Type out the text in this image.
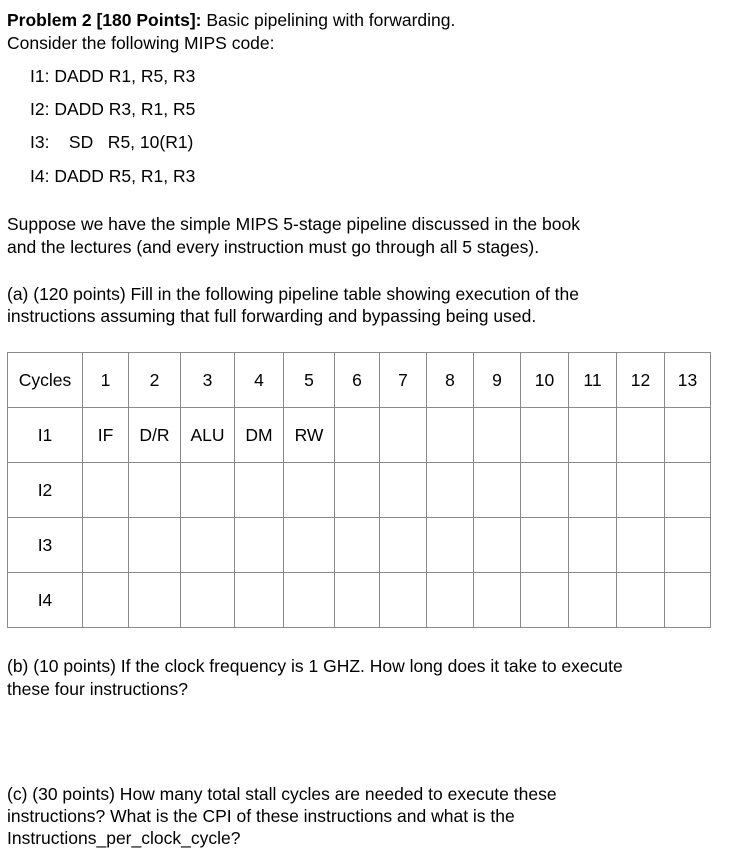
Problem 2 [180 Points]: Basic pipelining with forwarding.
Consider the following MIPS code:
I1: DADD R1, R5, R3
I2: DADD R3, R1, R5
I3:    SD   R5, 10(R1)
I4: DADD R5, R1, R3
Suppose we have the simple MIPS 5-stage pipeline discussed in the book
and the lectures (and every instruction must go through all 5 stages).
(a) (120 points) Fill in the following pipeline table showing execution of the
instructions assuming that full forwarding and bypassing being used.
Cycles	1	2	3	4	5	6	7	8	9	10	11	12	13
I1	IF	D/R	ALU	DM	RW								
I2													
I3													
I4													
(b) (10 points) If the clock frequency is 1 GHZ. How long does it take to execute
these four instructions?
(c) (30 points) How many total stall cycles are needed to execute these
instructions? What is the CPI of these instructions and what is the
Instructions_per_clock_cycle?
